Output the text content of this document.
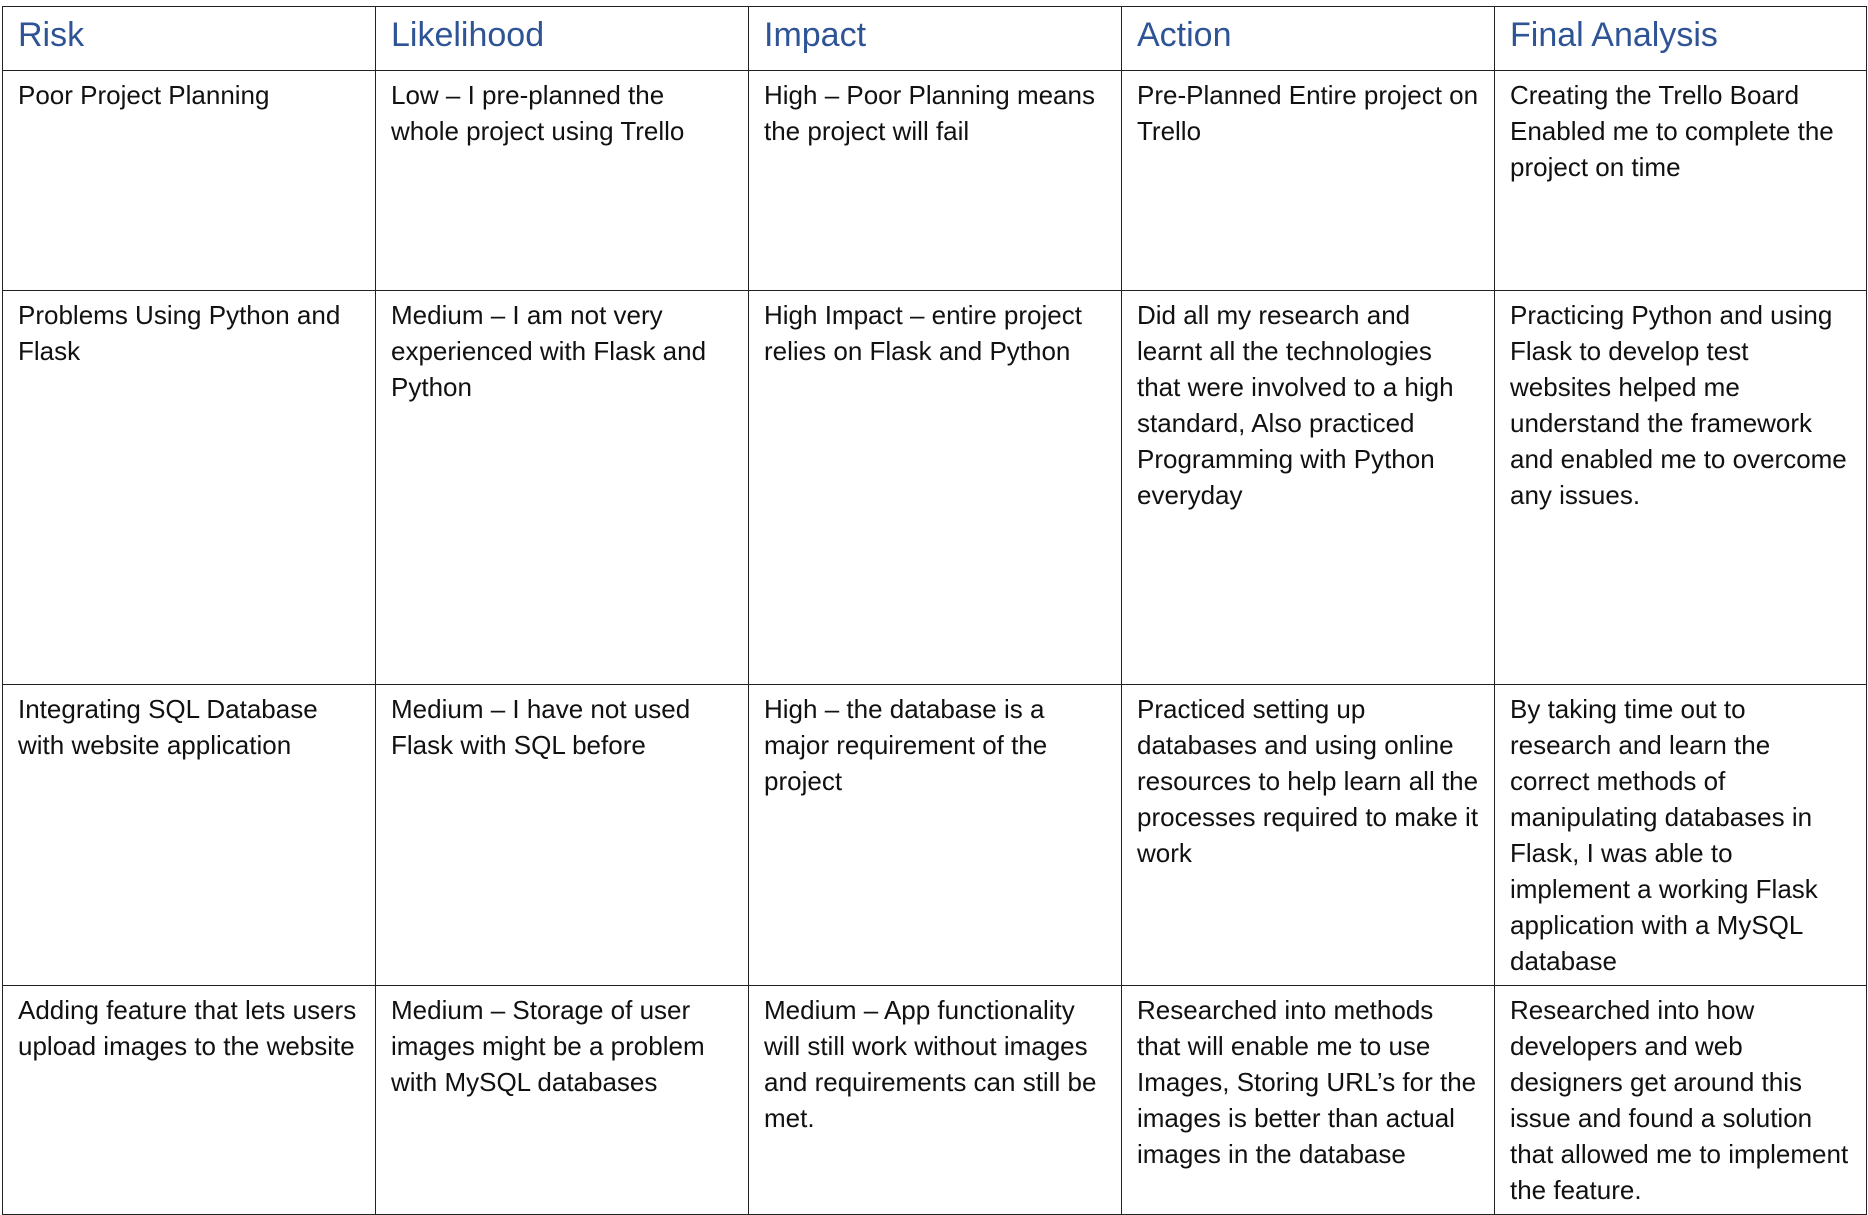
Risk	Likelihood	Impact	Action	Final Analysis
Poor Project Planning	Low – I pre-planned the whole project using Trello	High – Poor Planning means the project will fail	Pre-Planned Entire project on Trello	Creating the Trello Board Enabled me to complete the project on time
Problems Using Python and Flask	Medium – I am not very experienced with Flask and Python	High Impact – entire project relies on Flask and Python	Did all my research and learnt all the technologies that were involved to a high standard, Also practiced Programming with Python everyday	Practicing Python and using Flask to develop test websites helped me understand the framework and enabled me to overcome any issues.
Integrating SQL Database with website application	Medium – I have not used Flask with SQL before	High – the database is a major requirement of the project	Practiced setting up databases and using online resources to help learn all the processes required to make it work	By taking time out to research and learn the correct methods of manipulating databases in Flask, I was able to implement a working Flask application with a MySQL database
Adding feature that lets users upload images to the website	Medium – Storage of user images might be a problem with MySQL databases	Medium – App functionality will still work without images and requirements can still be met.	Researched into methods that will enable me to use Images, Storing URL’s for the images is better than actual images in the database	Researched into how developers and web designers get around this issue and found a solution that allowed me to implement the feature.
